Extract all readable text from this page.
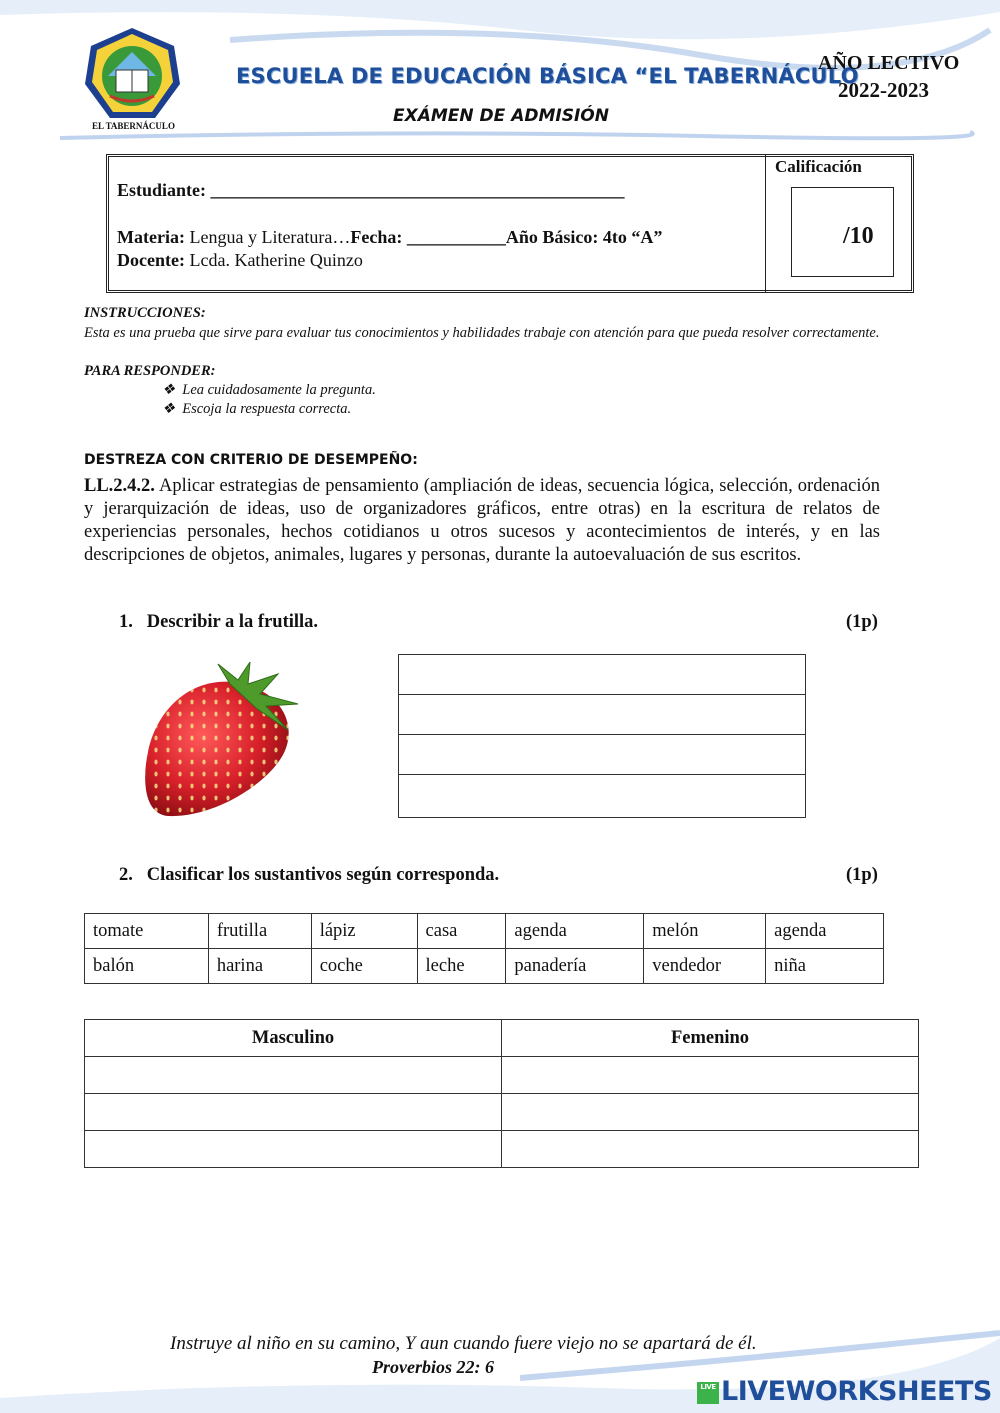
EL TABERNÁCULO
ESCUELA DE EDUCACIÓN BÁSICA “EL TABERNÁCULO
EXÁMEN DE ADMISIÓN
AÑO LECTIVO
2022-2023
Estudiante: ______________________________________________
Materia: Lengua y Literatura…Fecha: ___________Año Básico: 4to “A”
Docente: Lcda. Katherine Quinzo
Calificación
/10
INSTRUCCIONES:
Esta es una prueba que sirve para evaluar tus conocimientos y habilidades trabaje con atención para que pueda resolver correctamente.
PARA RESPONDER:
❖ Lea cuidadosamente la pregunta.
❖ Escoja la respuesta correcta.
DESTREZA CON CRITERIO DE DESEMPEÑO:
LL.2.4.2. Aplicar estrategias de pensamiento (ampliación de ideas, secuencia lógica, selección, ordenación y jerarquización de ideas, uso de organizadores gráficos, entre otras) en la escritura de relatos de experiencias personales, hechos cotidianos u otros sucesos y acontecimientos de interés, y en las descripciones de objetos, animales, lugares y personas, durante la autoevaluación de sus escritos.
1. Describir a la frutilla.	(1p)
2. Clasificar los sustantivos según corresponda.	(1p)
tomate	frutilla	lápiz	casa	agenda	melón	agenda
balón	harina	coche	leche	panadería	vendedor	niña
Masculino	Femenino

Instruye al niño en su camino, Y aun cuando fuere viejo no se apartará de él.
Proverbios 22: 6
LIVE LIVEWORKSHEETS
